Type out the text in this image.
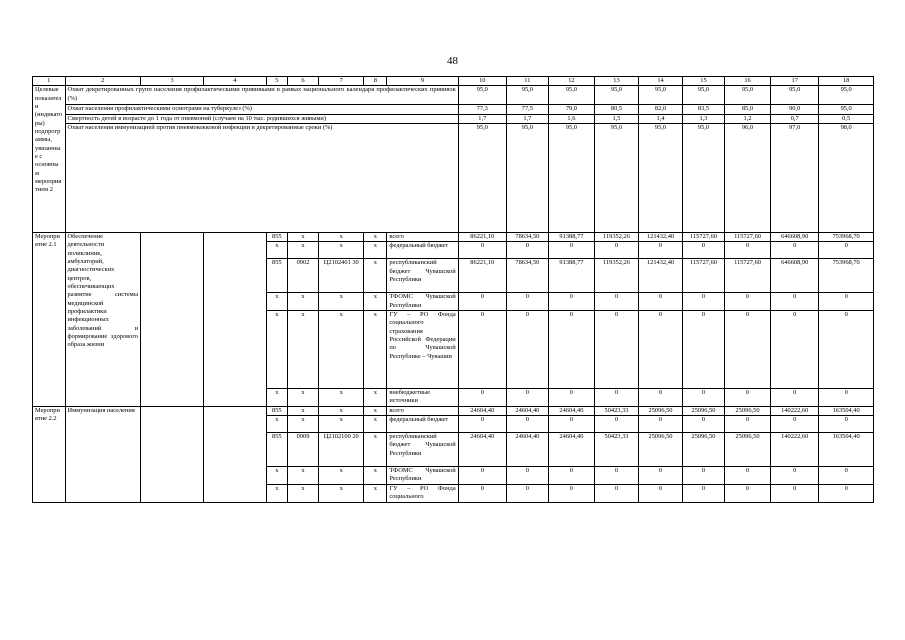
48
1	2	3	4	5	6	7	8	9	10	11	12	13	14	15	16	17	18
Целевые показатели (индикаторы) подпрограммы, увязанные с основным мероприятием 2	Охват декретированных групп населения профилактическими прививками в рамках национального календаря профилактических прививок (%)								95,0	95,0	95,0	95,0	95,0	95,0	95,0	95,0	95,0
	Охват населения профилактическими осмотрами на туберкулез (%)								77,3	77,5	79,0	80,5	82,0	83,5	85,0	90,0	95,0
	Смертность детей в возрасте до 1 года от пневмоний (случаев на 10 тыс. родившихся живыми)								1,7	1,7	1,6	1,5	1,4	1,3	1,2	0,7	0,5
	Охват населения иммунизацией против пневмококковой инфекции в декретированные сроки (%)								95,0	95,0	95,0	95,0	95,0	95,0	96,0	97,0	98,0
Мероприятие 2.1	Обеспечение деятельности поликлиник, амбулаторий, диагностических центров, обеспечивающих развитие системы медицинской профилактики инфекционных заболеваний и формирование здорового образа жизни			855	x	x	x	всего	86221,10	78634,50	91388,77	119352,26	121432,40	115727,60	115727,60	646608,90	753968,70
				x	x	x	x	федеральный бюджет	0	0	0	0	0	0	0	0	0
				855	0902	Ц2102401 30	x	республиканский бюджет Чувашской Республики	86221,10	78634,50	91388,77	119352,26	121432,40	115727,60	115727,60	646608,90	753968,70
				x	x	x	x	ТФОМС Чувашской Республики	0	0	0	0	0	0	0	0	0
				x	x	x	x	ГУ – РО Фонда социального страхования Российской Федерации по Чувашской Республике – Чувашии	0	0	0	0	0	0	0	0	0
				x	x	x	x	внебюджетные источники	0	0	0	0	0	0	0	0	0
Мероприятие 2.2	Иммунизация населения			855	x	x	x	всего	24604,40	24604,40	24604,40	50423,33	25096,50	25096,50	25096,50	140222,60	163504,40
				x	x	x	x	федеральный бюджет	0	0	0	0	0	0	0	0	0
				855	0909	Ц2102100 20	x	республиканский бюджет Чувашской Республики	24604,40	24604,40	24604,40	50423,33	25096,50	25096,50	25096,50	140222,60	163504,40
				x	x	x	x	ТФОМС Чувашской Республики	0	0	0	0	0	0	0	0	0
				x	x	x	x	ГУ – РО Фонда социального	0	0	0	0	0	0	0	0	0
